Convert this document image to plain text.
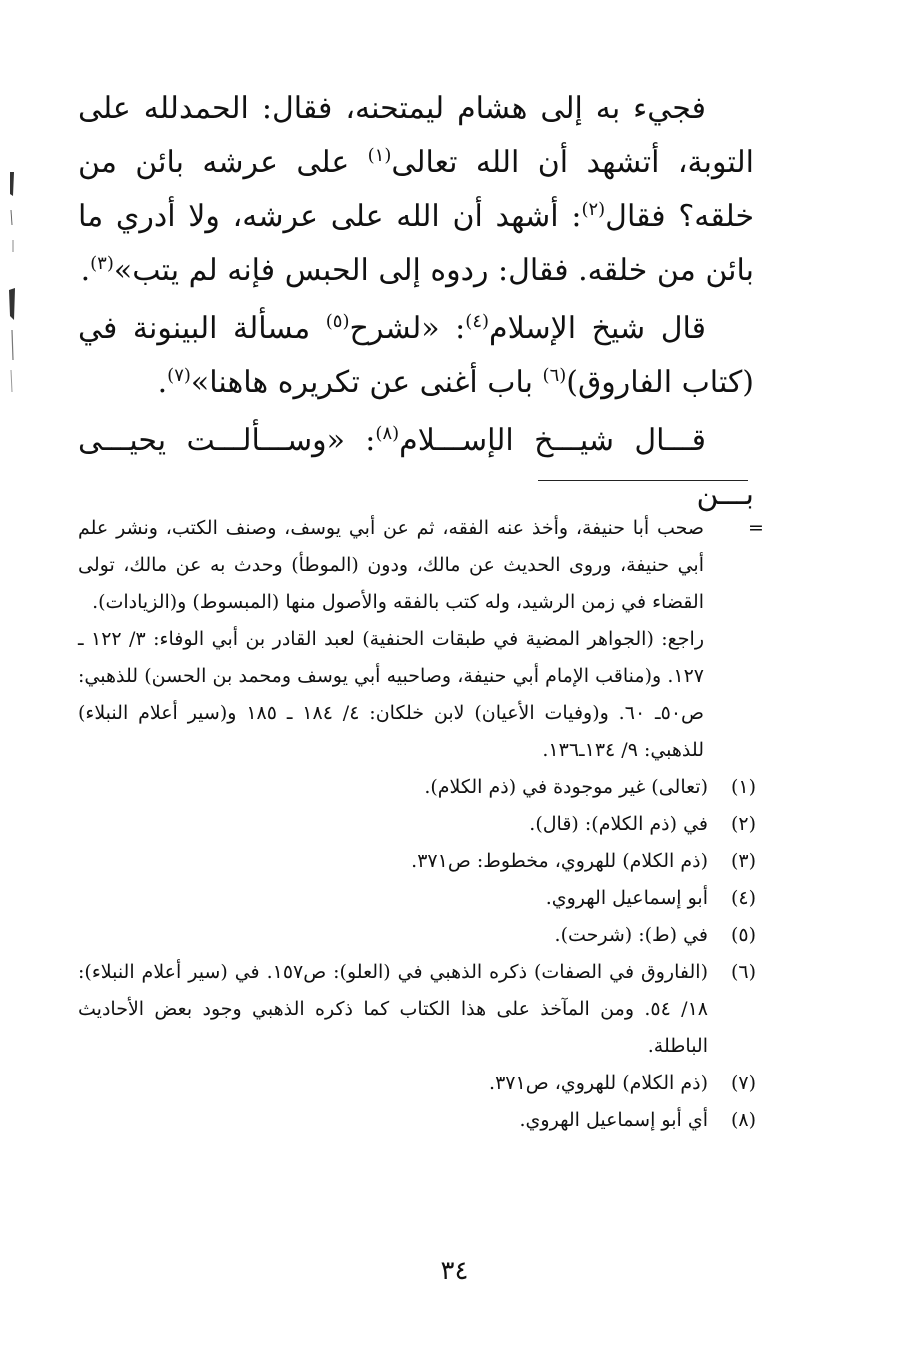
فجيء به إلى هشام ليمتحنه، فقال: الحمدلله على التوبة، أتشهد أن الله تعالى$^{(١)}$ على عرشه بائن من خلقه؟ فقال$^{(٢)}$: أشهد أن الله على عرشه، ولا أدري ما بائن من خلقه. فقال: ردوه إلى الحبس فإنه لم يتب»$^{(٣)}$.

قال شيخ الإسلام$^{(٤)}$: «لشرح$^{(٥)}$ مسألة البينونة في (كتاب الفاروق)$^{(٦)}$ باب أغنى عن تكريره هاهنا»$^{(٧)}$.

قـــال شيـــخ الإســـلام$^{(٨)}$: «وســـألـــت يحيـــى بـــن

=

صحب أبا حنيفة، وأخذ عنه الفقه، ثم عن أبي يوسف، وصنف الكتب، ونشر علم أبي حنيفة، وروى الحديث عن مالك، ودون (الموطأ) وحدث به عن مالك، تولى القضاء في زمن الرشيد، وله كتب بالفقه والأصول منها (المبسوط) و(الزيادات).

راجع: (الجواهر المضية في طبقات الحنفية) لعبد القادر بن أبي الوفاء: ٣/ ١٢٢ ـ ١٢٧. و(مناقب الإمام أبي حنيفة، وصاحبيه أبي يوسف ومحمد بن الحسن) للذهبي: ص٥٠ـ ٦٠. و(وفيات الأعيان) لابن خلكان: ٤/ ١٨٤ ـ ١٨٥ و(سير أعلام النبلاء) للذهبي: ٩/ ١٣٤ـ١٣٦.

(١)
(تعالى) غير موجودة في (ذم الكلام).
(٢)
في (ذم الكلام): (قال).
(٣)
(ذم الكلام) للهروي، مخطوط: ص٣٧١.
(٤)
أبو إسماعيل الهروي.
(٥)
في (ط): (شرحت).
(٦)
(الفاروق في الصفات) ذكره الذهبي في (العلو): ص١٥٧. في (سير أعلام النبلاء): ١٨/ ٥٤. ومن المآخذ على هذا الكتاب كما ذكره الذهبي وجود بعض الأحاديث الباطلة.
(٧)
(ذم الكلام) للهروي، ص٣٧١.
(٨)
أي أبو إسماعيل الهروي.
٣٤
